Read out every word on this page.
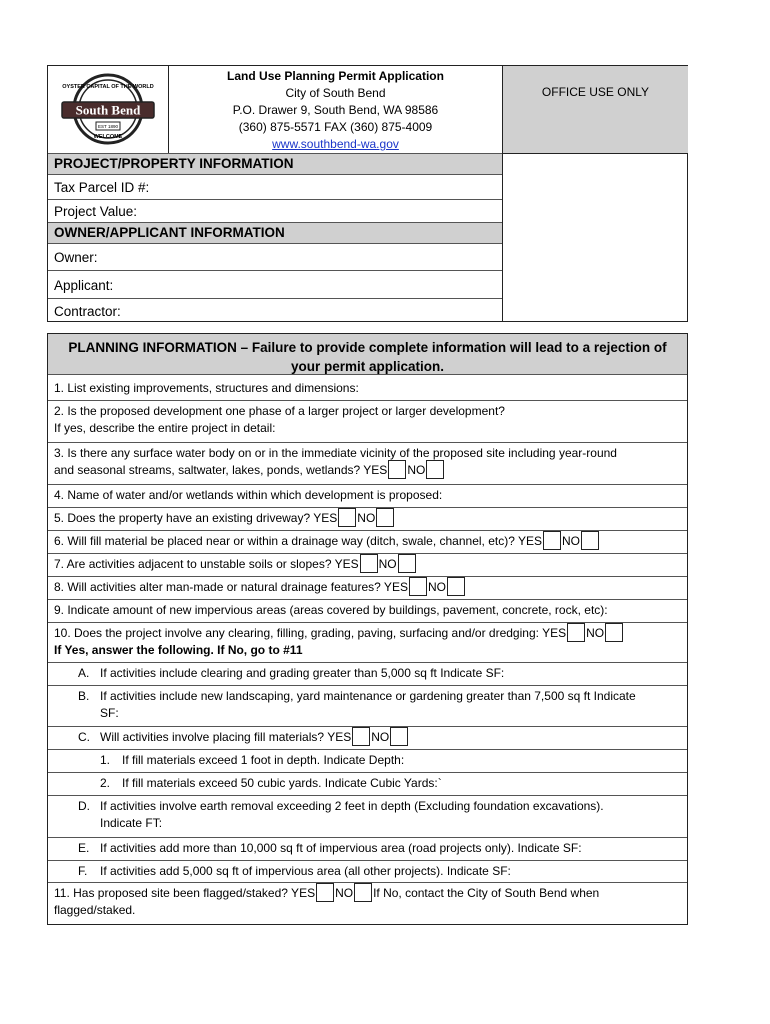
OYSTER CAPITAL OF THE WORLD
South Bend
EST 1890
WELCOME
Land Use Planning Permit Application
City of South Bend
P.O. Drawer 9, South Bend, WA 98586
(360) 875-5571 FAX (360) 875-4009
www.southbend-wa.gov
OFFICE USE ONLY
PROJECT/PROPERTY INFORMATION
Tax Parcel ID #:
Project Value:
OWNER/APPLICANT INFORMATION
Owner:
Applicant:
Contractor:
PLANNING INFORMATION – Failure to provide complete information will lead to a rejection of your permit application.
1. List existing improvements, structures and dimensions:
2. Is the proposed development one phase of a larger project or larger development?
If yes, describe the entire project in detail:
3. Is there any surface water body on or in the immediate vicinity of the proposed site including year-round
and seasonal streams, saltwater, lakes, ponds, wetlands? YES NO
4. Name of water and/or wetlands within which development is proposed:
5. Does the property have an existing driveway? YES NO
6. Will fill material be placed near or within a drainage way (ditch, swale, channel, etc)? YES NO
7. Are activities adjacent to unstable soils or slopes? YES NO
8. Will activities alter man-made or natural drainage features? YES NO
9. Indicate amount of new impervious areas (areas covered by buildings, pavement, concrete, rock, etc):
10. Does the project involve any clearing, filling, grading, paving, surfacing and/or dredging: YES NO
If Yes, answer the following. If No, go to #11
A. If activities include clearing and grading greater than 5,000 sq ft Indicate SF:
B. If activities include new landscaping, yard maintenance or gardening greater than 7,500 sq ft Indicate
SF:
C. Will activities involve placing fill materials? YES NO
1. If fill materials exceed 1 foot in depth. Indicate Depth:
2. If fill materials exceed 50 cubic yards. Indicate Cubic Yards:`
D. If activities involve earth removal exceeding 2 feet in depth (Excluding foundation excavations).
Indicate FT:
E. If activities add more than 10,000 sq ft of impervious area (road projects only). Indicate SF:
F. If activities add 5,000 sq ft of impervious area (all other projects). Indicate SF:
11. Has proposed site been flagged/staked? YES NO If No, contact the City of South Bend when
flagged/staked.
